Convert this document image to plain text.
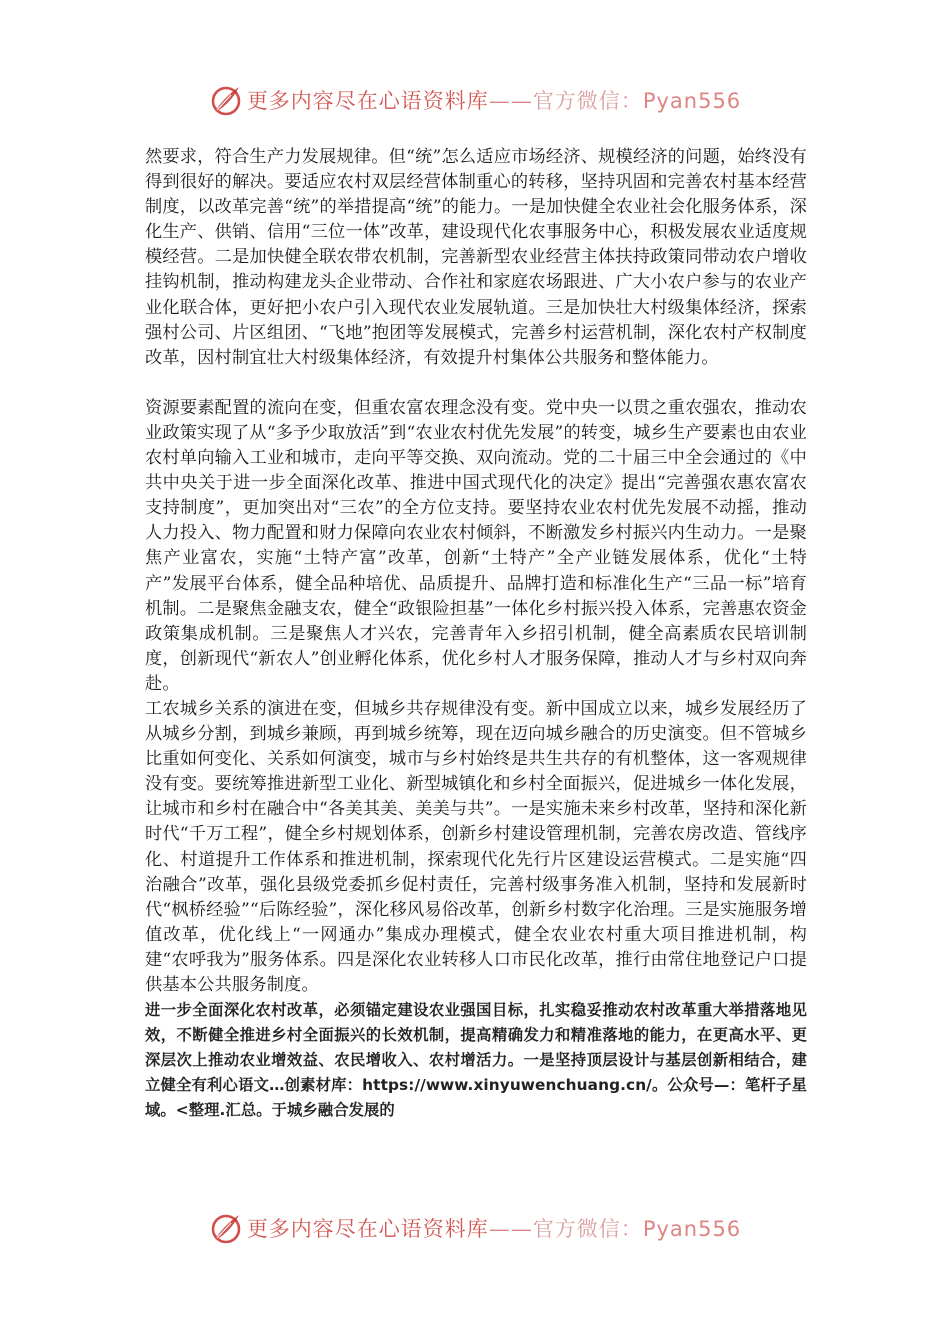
更多内容尽在心语资料库——官方微信：Pyan556

然要求，符合生产力发展规律。但“统”怎么适应市场经济、规模经济的问题，始终没有得到很好的解决。要适应农村双层经营体制重心的转移，坚持巩固和完善农村基本经营制度，以改革完善“统”的举措提高“统”的能力。一是加快健全农业社会化服务体系，深化生产、供销、信用“三位一体”改革，建设现代化农事服务中心，积极发展农业适度规模经营。二是加快健全联农带农机制，完善新型农业经营主体扶持政策同带动农户增收挂钩机制，推动构建龙头企业带动、合作社和家庭农场跟进、广大小农户参与的农业产业化联合体，更好把小农户引入现代农业发展轨道。三是加快壮大村级集体经济，探索强村公司、片区组团、“飞地”抱团等发展模式，完善乡村运营机制，深化农村产权制度改革，因村制宜壮大村级集体经济，有效提升村集体公共服务和整体能力。

资源要素配置的流向在变，但重农富农理念没有变。党中央一以贯之重农强农，推动农业政策实现了从“多予少取放活”到“农业农村优先发展”的转变，城乡生产要素也由农业农村单向输入工业和城市，走向平等交换、双向流动。党的二十届三中全会通过的《中共中央关于进一步全面深化改革、推进中国式现代化的决定》提出“完善强农惠农富农支持制度”，更加突出对“三农”的全方位支持。要坚持农业农村优先发展不动摇，推动人力投入、物力配置和财力保障向农业农村倾斜，不断激发乡村振兴内生动力。一是聚焦产业富农，实施“土特产富”改革，创新“土特产”全产业链发展体系，优化“土特产”发展平台体系，健全品种培优、品质提升、品牌打造和标准化生产“三品一标”培育机制。二是聚焦金融支农，健全“政银险担基”一体化乡村振兴投入体系，完善惠农资金政策集成机制。三是聚焦人才兴农，完善青年入乡招引机制，健全高素质农民培训制度，创新现代“新农人”创业孵化体系，优化乡村人才服务保障，推动人才与乡村双向奔赴。

工农城乡关系的演进在变，但城乡共存规律没有变。新中国成立以来，城乡发展经历了从城乡分割，到城乡兼顾，再到城乡统筹，现在迈向城乡融合的历史演变。但不管城乡比重如何变化、关系如何演变，城市与乡村始终是共生共存的有机整体，这一客观规律没有变。要统筹推进新型工业化、新型城镇化和乡村全面振兴，促进城乡一体化发展，让城市和乡村在融合中“各美其美、美美与共”。一是实施未来乡村改革，坚持和深化新时代“千万工程”，健全乡村规划体系，创新乡村建设管理机制，完善农房改造、管线序化、村道提升工作体系和推进机制，探索现代化先行片区建设运营模式。二是实施“四治融合”改革，强化县级党委抓乡促村责任，完善村级事务准入机制，坚持和发展新时代“枫桥经验”“后陈经验”，深化移风易俗改革，创新乡村数字化治理。三是实施服务增值改革，优化线上“一网通办”集成办理模式，健全农业农村重大项目推进机制，构建“农呼我为”服务体系。四是深化农业转移人口市民化改革，推行由常住地登记户口提供基本公共服务制度。

进一步全面深化农村改革，必须锚定建设农业强国目标，扎实稳妥推动农村改革重大举措落地见效，不断健全推进乡村全面振兴的长效机制，提高精确发力和精准落地的能力，在更高水平、更深层次上推动农业增效益、农民增收入、农村增活力。一是坚持顶层设计与基层创新相结合，建立健全有利心语文…创素材库：https://www.xinyuwenchuang.cn/。公众号—：笔杆子星域。<整理.汇总。于城乡融合发展的

更多内容尽在心语资料库——官方微信：Pyan556
